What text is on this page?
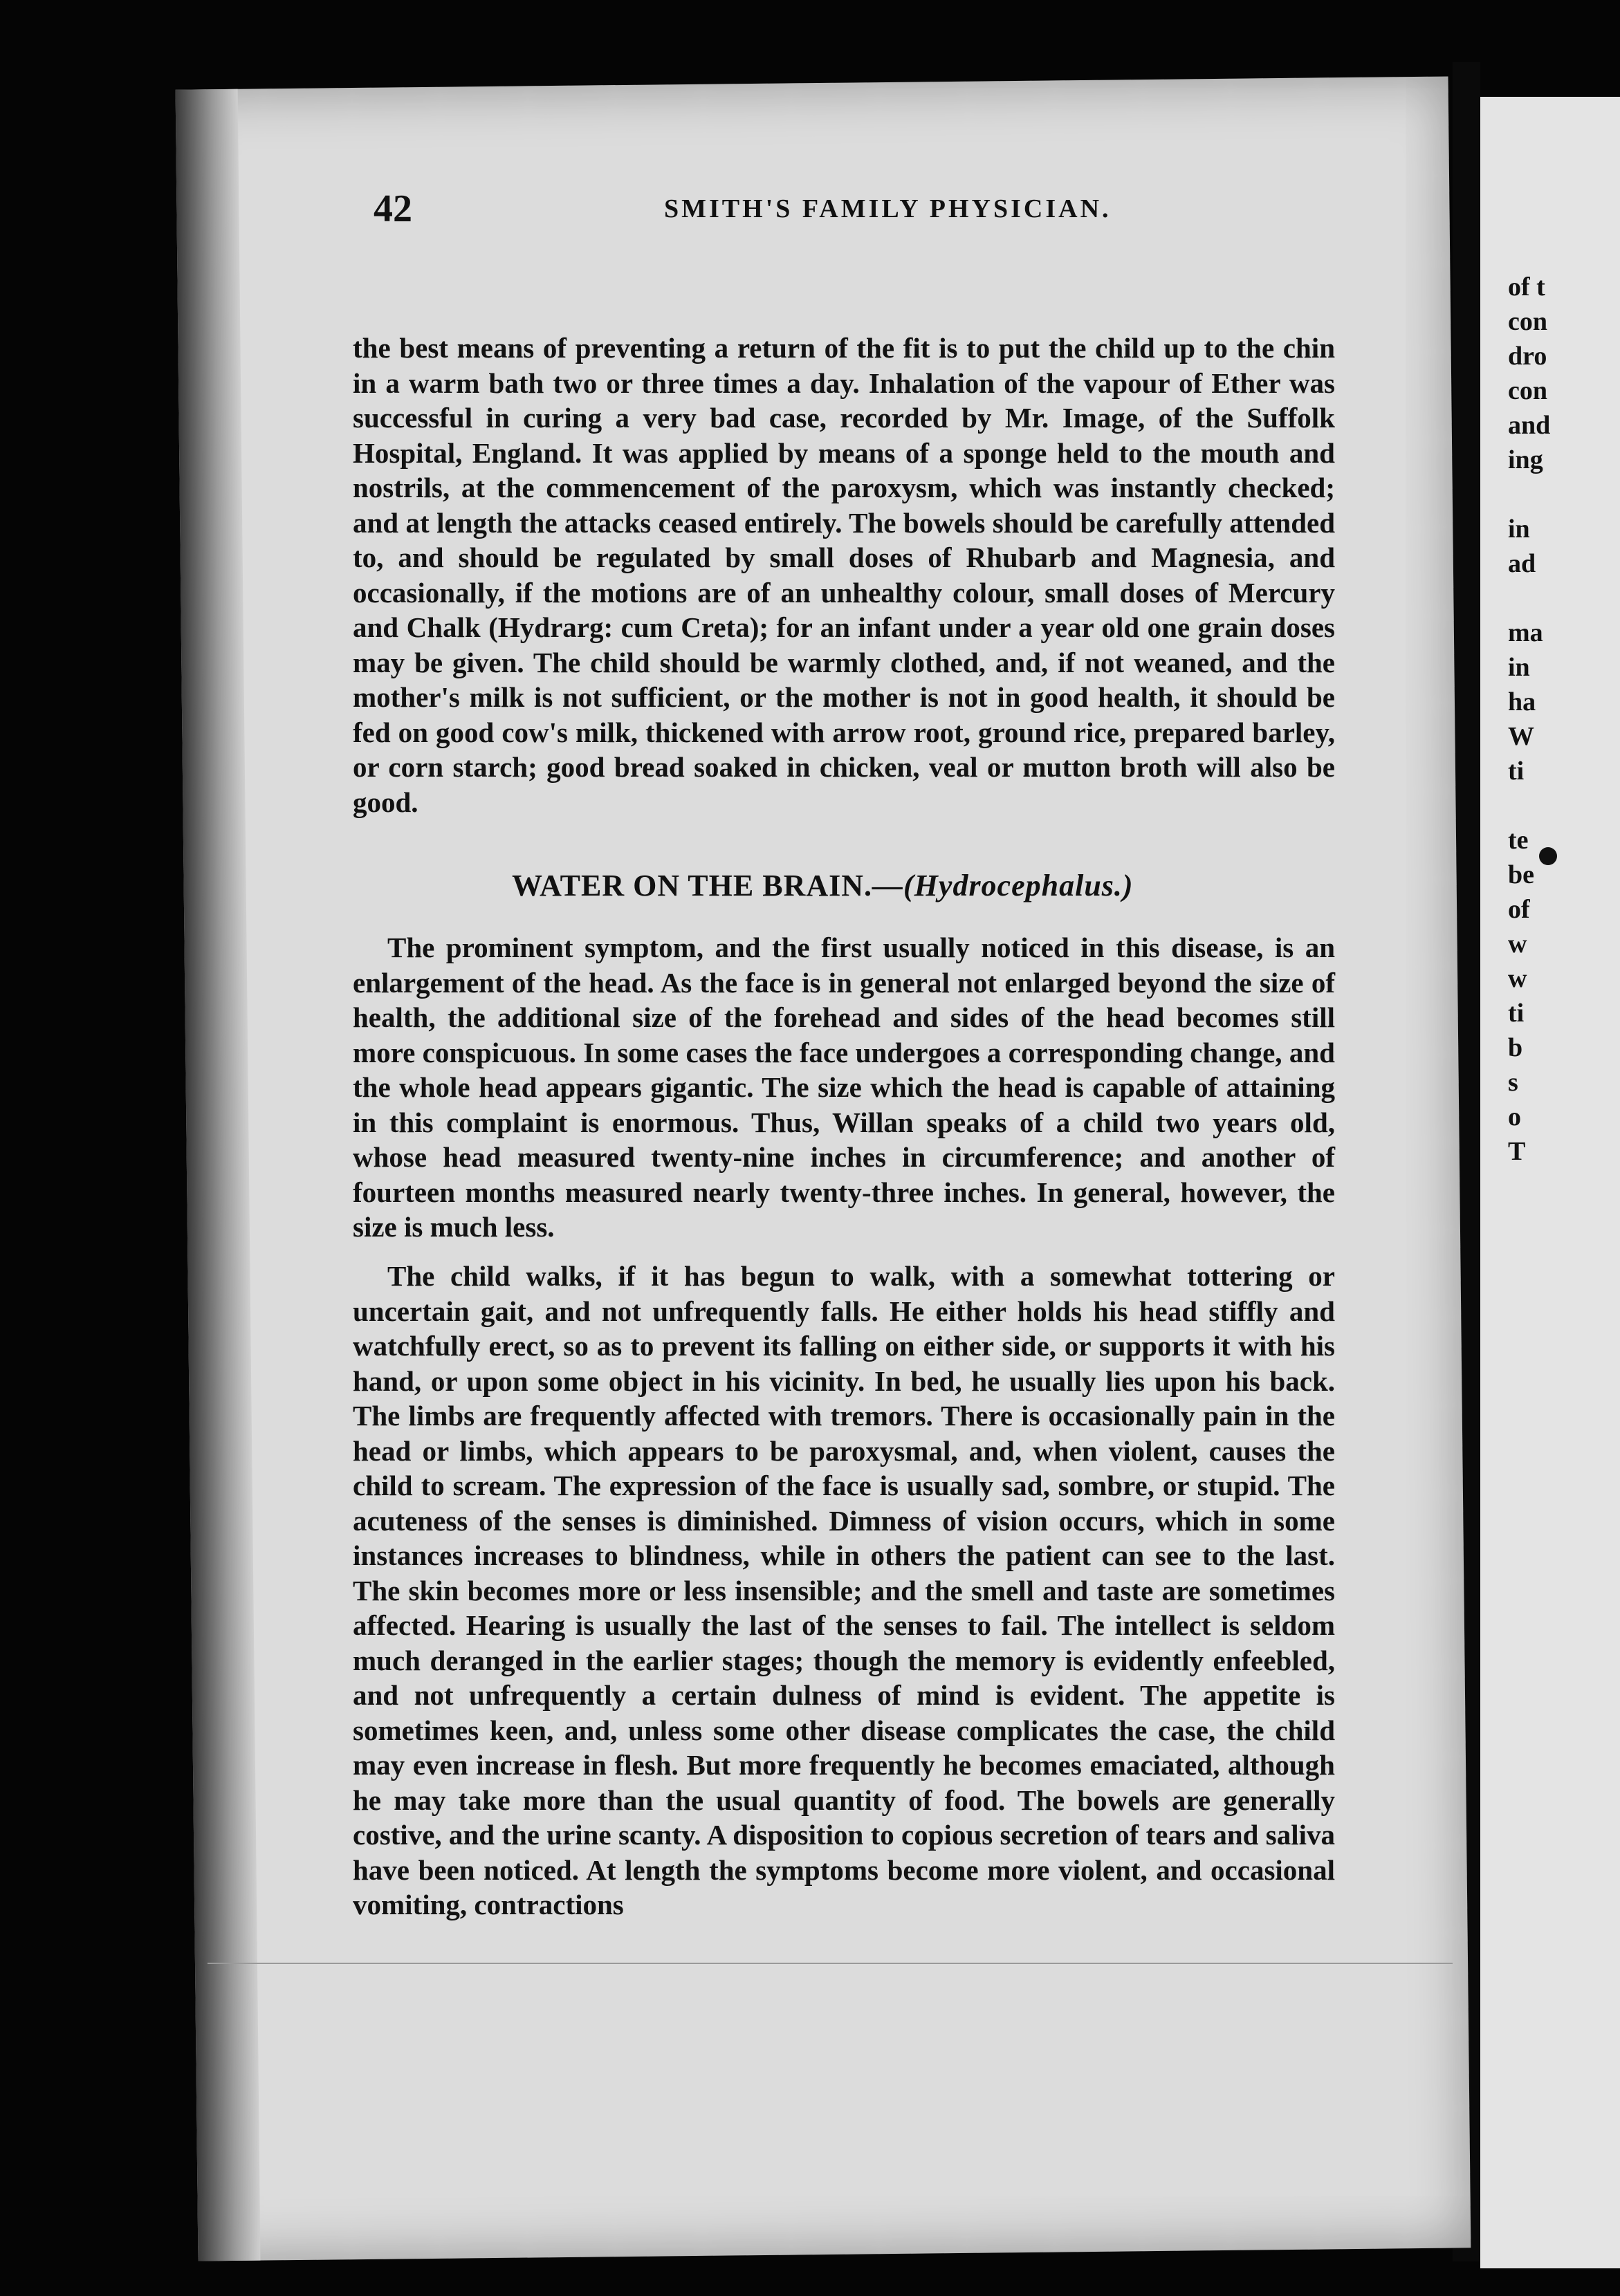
of t
con
dro
con
and
ing
in
ad
ma
in
ha
W
ti
te
be
of
w
w
ti
b
s
o
T
42	SMITH'S FAMILY PHYSICIAN.
the best means of preventing a return of the fit is to put the child up to the chin in a warm bath two or three times a day. Inhalation of the vapour of Ether was successful in curing a very bad case, recorded by Mr. Image, of the Suffolk Hospital, England. It was applied by means of a sponge held to the mouth and nostrils, at the commencement of the paroxysm, which was instantly checked; and at length the attacks ceased entirely. The bowels should be carefully attended to, and should be regulated by small doses of Rhubarb and Magnesia, and occasionally, if the motions are of an unhealthy colour, small doses of Mercury and Chalk (Hydrarg: cum Creta); for an infant under a year old one grain doses may be given. The child should be warmly clothed, and, if not weaned, and the mother's milk is not sufficient, or the mother is not in good health, it should be fed on good cow's milk, thickened with arrow root, ground rice, prepared barley, or corn starch; good bread soaked in chicken, veal or mutton broth will also be good.
WATER ON THE BRAIN.—(Hydrocephalus.)
The prominent symptom, and the first usually noticed in this disease, is an enlargement of the head. As the face is in general not enlarged beyond the size of health, the additional size of the forehead and sides of the head becomes still more conspicuous. In some cases the face undergoes a corresponding change, and the whole head appears gigantic. The size which the head is capable of attaining in this complaint is enormous. Thus, Willan speaks of a child two years old, whose head measured twenty-nine inches in circumference; and another of fourteen months measured nearly twenty-three inches. In general, however, the size is much less.
The child walks, if it has begun to walk, with a somewhat tottering or uncertain gait, and not unfrequently falls. He either holds his head stiffly and watchfully erect, so as to prevent its falling on either side, or supports it with his hand, or upon some object in his vicinity. In bed, he usually lies upon his back. The limbs are frequently affected with tremors. There is occasionally pain in the head or limbs, which appears to be paroxysmal, and, when violent, causes the child to scream. The expression of the face is usually sad, sombre, or stupid. The acuteness of the senses is diminished. Dimness of vision occurs, which in some instances increases to blindness, while in others the patient can see to the last. The skin becomes more or less insensible; and the smell and taste are sometimes affected. Hearing is usually the last of the senses to fail. The intellect is seldom much deranged in the earlier stages; though the memory is evidently enfeebled, and not unfrequently a certain dulness of mind is evident. The appetite is sometimes keen, and, unless some other disease complicates the case, the child may even increase in flesh. But more frequently he becomes emaciated, although he may take more than the usual quantity of food. The bowels are generally costive, and the urine scanty. A disposition to copious secretion of tears and saliva have been noticed. At length the symptoms become more violent, and occasional vomiting, contractions
